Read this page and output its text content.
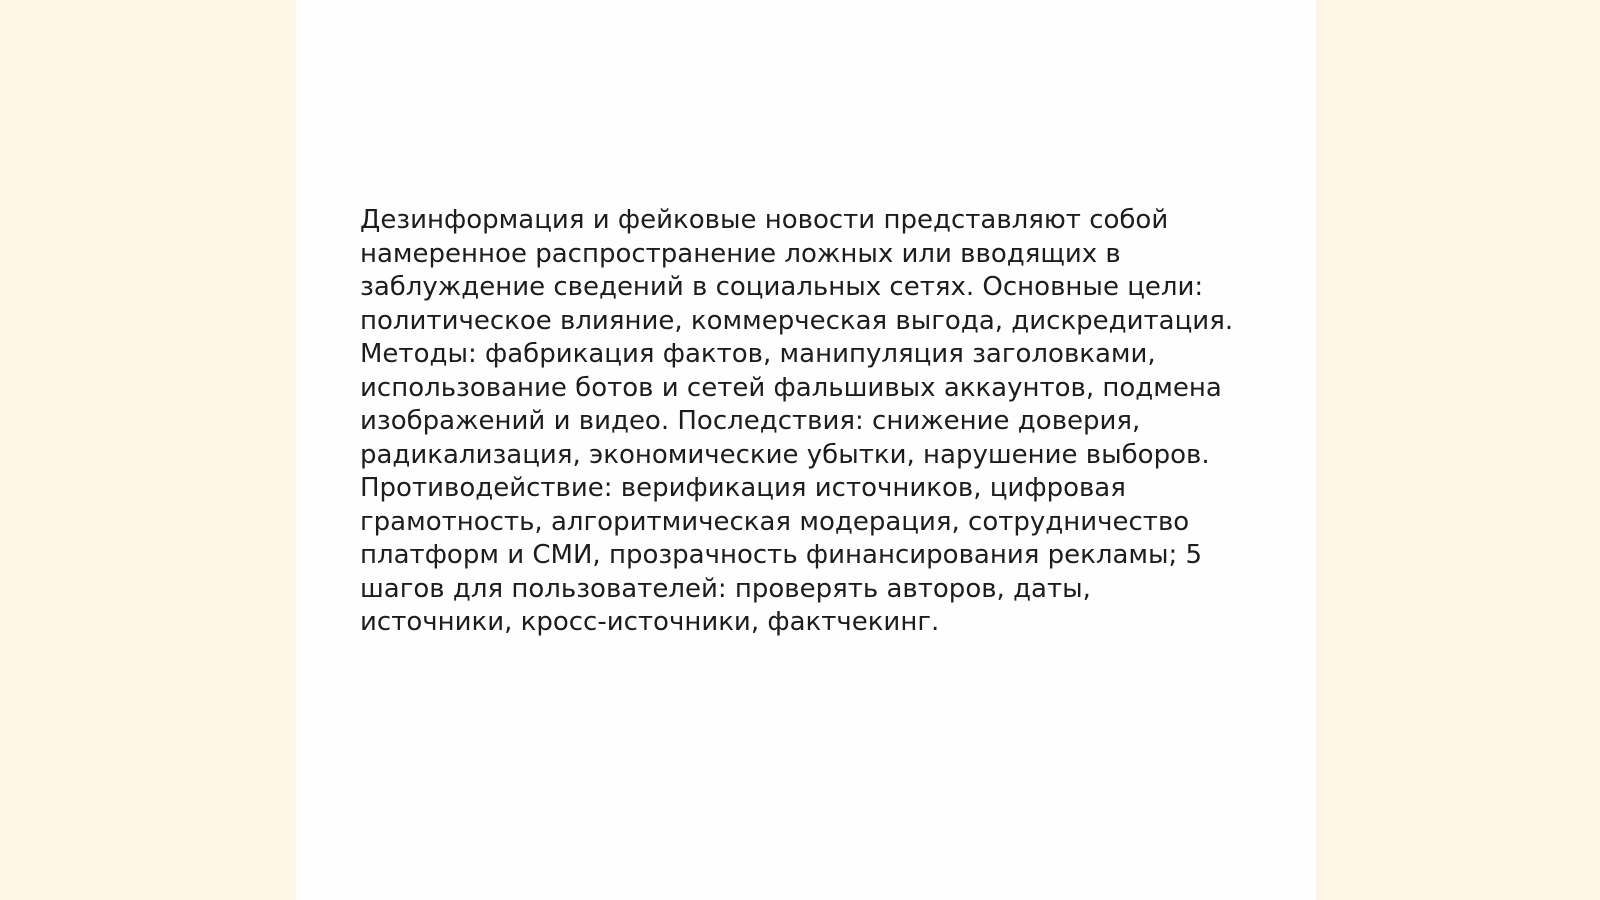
Дезинформация и фейковые новости представляют собой
намеренное распространение ложных или вводящих в
заблуждение сведений в социальных сетях. Основные цели:
политическое влияние, коммерческая выгода, дискредитация.
Методы: фабрикация фактов, манипуляция заголовками,
использование ботов и сетей фальшивых аккаунтов, подмена
изображений и видео. Последствия: снижение доверия,
радикализация, экономические убытки, нарушение выборов.
Противодействие: верификация источников, цифровая
грамотность, алгоритмическая модерация, сотрудничество
платформ и СМИ, прозрачность финансирования рекламы; 5
шагов для пользователей: проверять авторов, даты,
источники, кросс-источники, фактчекинг.
